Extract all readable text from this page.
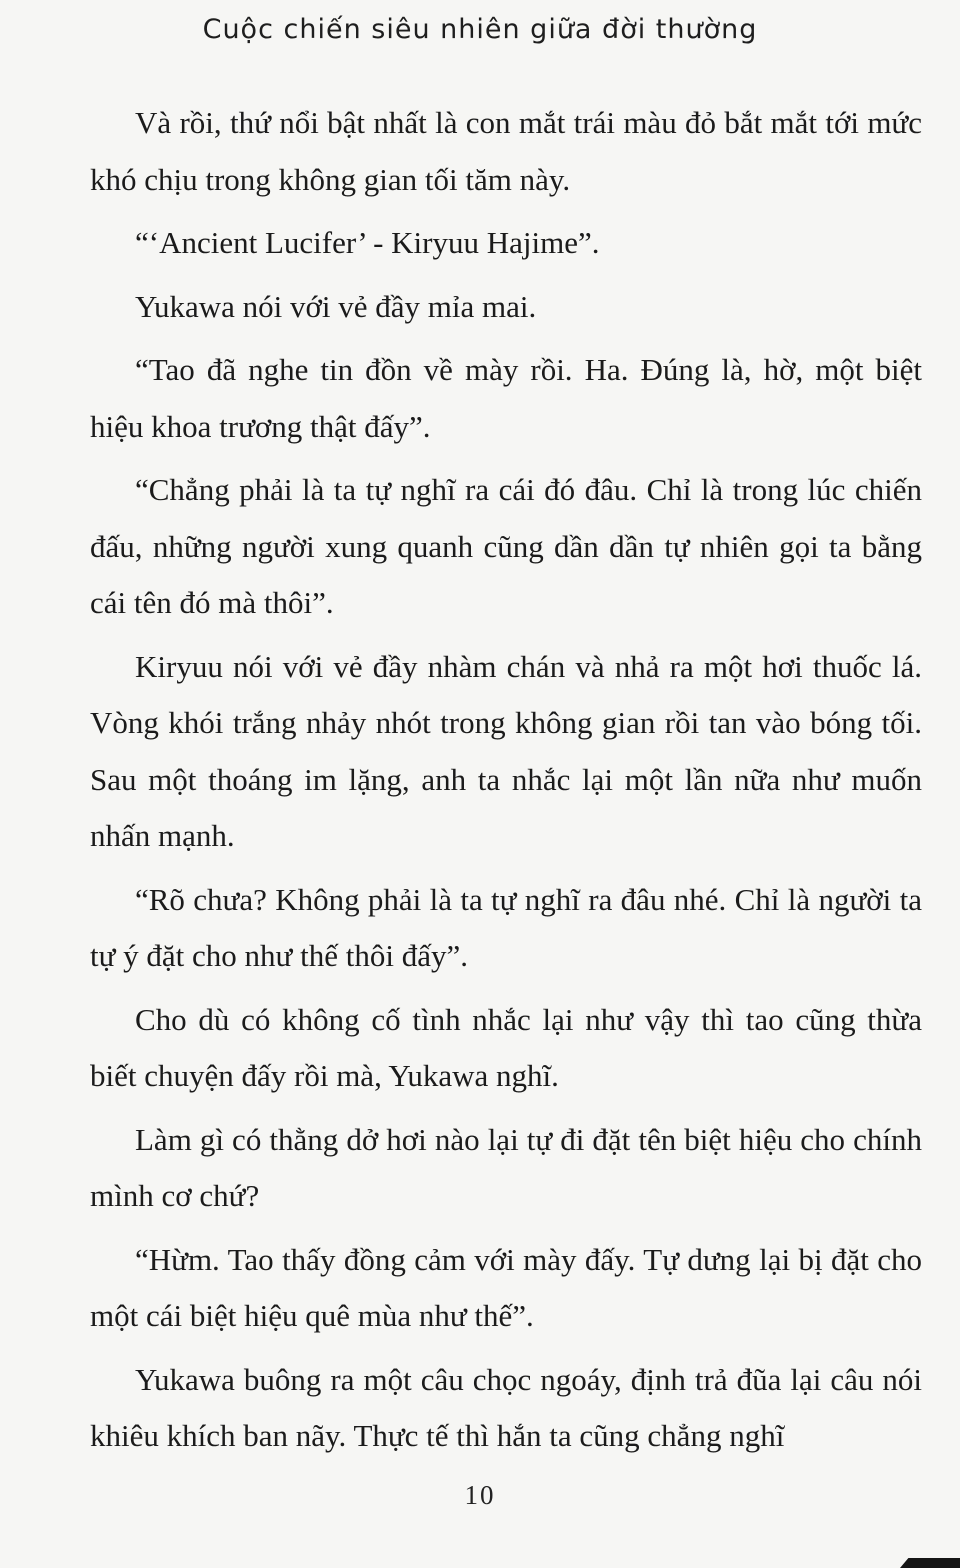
Cuộc chiến siêu nhiên giữa đời thường

Và rồi, thứ nổi bật nhất là con mắt trái màu đỏ bắt mắt tới mức khó chịu trong không gian tối tăm này.

“‘Ancient Lucifer’ - Kiryuu Hajime”.

Yukawa nói với vẻ đầy mỉa mai.

“Tao đã nghe tin đồn về mày rồi. Ha. Đúng là, hờ, một biệt hiệu khoa trương thật đấy”.

“Chẳng phải là ta tự nghĩ ra cái đó đâu. Chỉ là trong lúc chiến đấu, những người xung quanh cũng dần dần tự nhiên gọi ta bằng cái tên đó mà thôi”.

Kiryuu nói với vẻ đầy nhàm chán và nhả ra một hơi thuốc lá. Vòng khói trắng nhảy nhót trong không gian rồi tan vào bóng tối. Sau một thoáng im lặng, anh ta nhắc lại một lần nữa như muốn nhấn mạnh.

“Rõ chưa? Không phải là ta tự nghĩ ra đâu nhé. Chỉ là người ta tự ý đặt cho như thế thôi đấy”.

Cho dù có không cố tình nhắc lại như vậy thì tao cũng thừa biết chuyện đấy rồi mà, Yukawa nghĩ.

Làm gì có thằng dở hơi nào lại tự đi đặt tên biệt hiệu cho chính mình cơ chứ?

“Hừm. Tao thấy đồng cảm với mày đấy. Tự dưng lại bị đặt cho một cái biệt hiệu quê mùa như thế”.

Yukawa buông ra một câu chọc ngoáy, định trả đũa lại câu nói khiêu khích ban nãy. Thực tế thì hắn ta cũng chẳng nghĩ

10
